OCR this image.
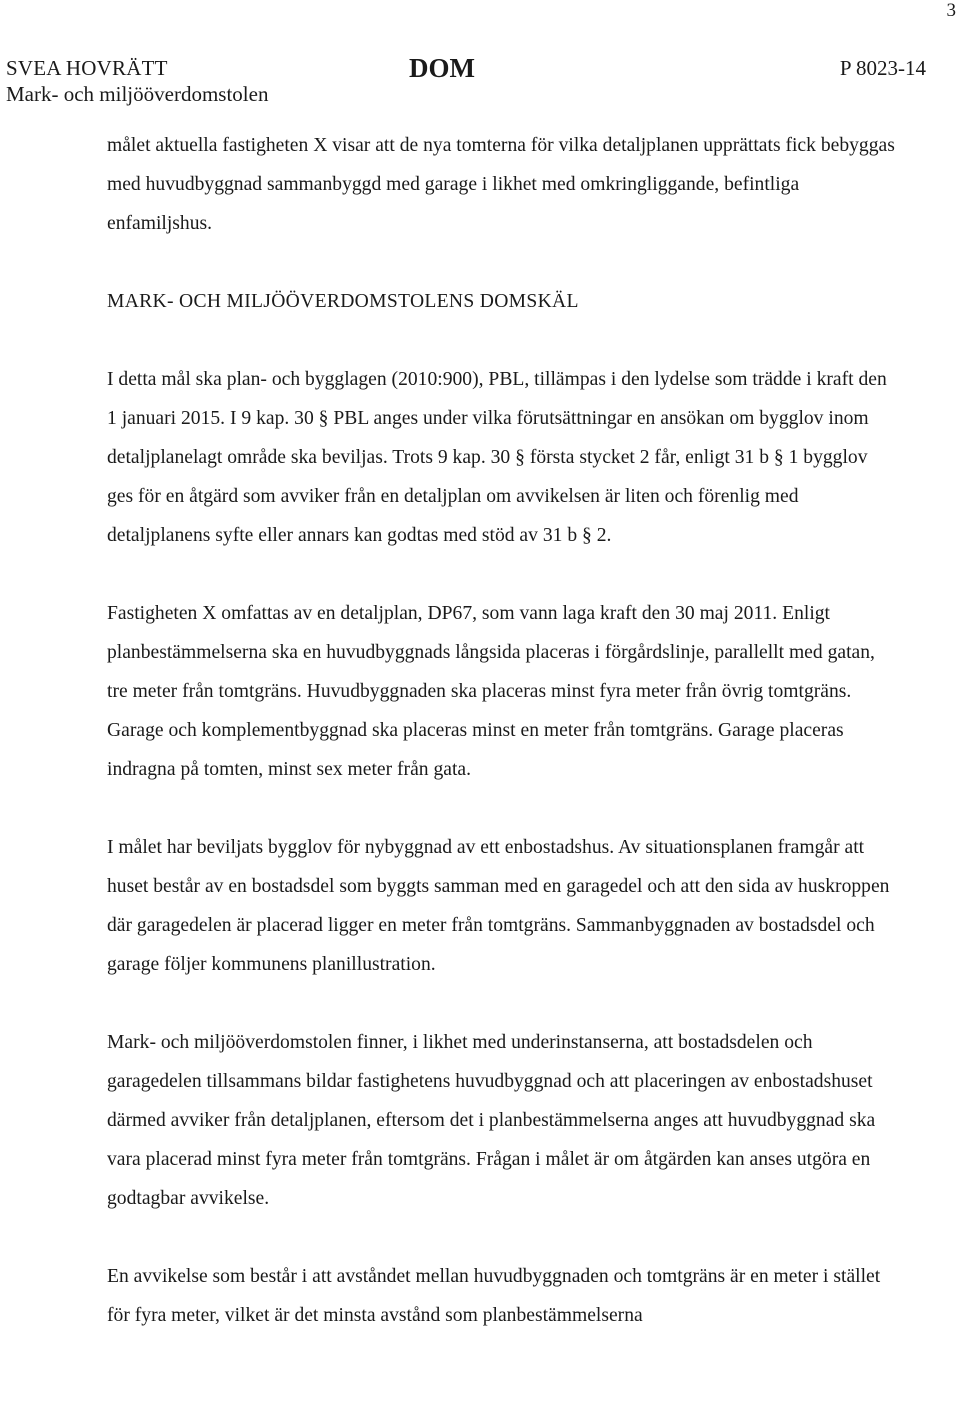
3
SVEA HOVRÄTT
Mark- och miljööverdomstolen
DOM	P 8023-14

målet aktuella fastigheten X visar att de nya tomterna för vilka detaljplanen upprättats fick bebyggas med huvudbyggnad sammanbyggd med garage i likhet med omkringliggande, befintliga enfamiljshus.

MARK- OCH MILJÖÖVERDOMSTOLENS DOMSKÄL

I detta mål ska plan- och bygglagen (2010:900), PBL, tillämpas i den lydelse som trädde i kraft den 1 januari 2015. I 9 kap. 30 § PBL anges under vilka förutsättningar en ansökan om bygglov inom detaljplanelagt område ska beviljas. Trots 9 kap. 30 § första stycket 2 får, enligt 31 b § 1 bygglov ges för en åtgärd som avviker från en detaljplan om avvikelsen är liten och förenlig med detaljplanens syfte eller annars kan godtas med stöd av 31 b § 2.

Fastigheten X omfattas av en detaljplan, DP67, som vann laga kraft den 30 maj 2011. Enligt planbestämmelserna ska en huvudbyggnads långsida placeras i förgårdslinje, parallellt med gatan, tre meter från tomtgräns. Huvudbyggnaden ska placeras minst fyra meter från övrig tomtgräns. Garage och komplementbyggnad ska placeras minst en meter från tomtgräns. Garage placeras indragna på tomten, minst sex meter från gata.

I målet har beviljats bygglov för nybyggnad av ett enbostadshus. Av situationsplanen framgår att huset består av en bostadsdel som byggts samman med en garagedel och att den sida av huskroppen där garagedelen är placerad ligger en meter från tomtgräns. Sammanbyggnaden av bostadsdel och garage följer kommunens planillustration.

Mark- och miljööverdomstolen finner, i likhet med underinstanserna, att bostadsdelen och garagedelen tillsammans bildar fastighetens huvudbyggnad och att placeringen av enbostadshuset därmed avviker från detaljplanen, eftersom det i planbestämmelserna anges att huvudbyggnad ska vara placerad minst fyra meter från tomtgräns. Frågan i målet är om åtgärden kan anses utgöra en godtagbar avvikelse.

En avvikelse som består i att avståndet mellan huvudbyggnaden och tomtgräns är en meter i stället för fyra meter, vilket är det minsta avstånd som planbestämmelserna
